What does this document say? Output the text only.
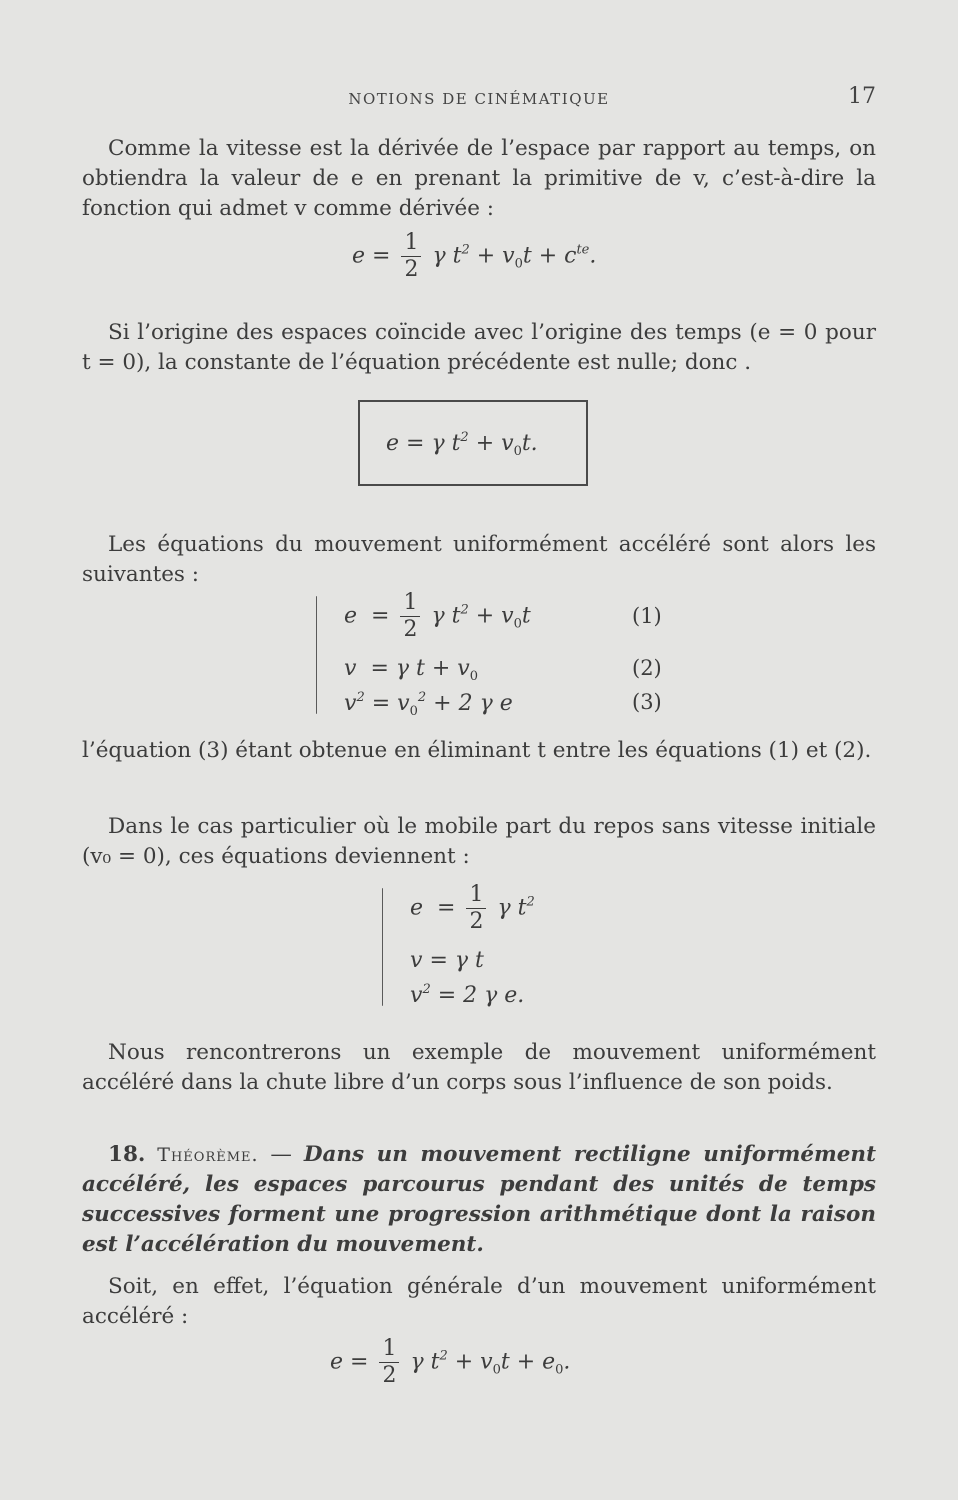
NOTIONS DE CINÉMATIQUE	17
Comme la vitesse est la dérivée de l’espace par rapport au temps, on obtiendra la valeur de e en prenant la primitive de v, c’est-à-dire la fonction qui admet v comme dérivée :
$e = \frac{1}{2}$ γ $t^2 + v_0t + c^{te}$.
Si l’origine des espaces coïncide avec l’origine des temps (e = 0 pour t = 0), la constante de l’équation précédente est nulle; donc .
e = γ $t^2 + v_0t$.
Les équations du mouvement uniformément accéléré sont alors les suivantes :
$e = \frac{1}{2}$ γ $t^2 + v_0t$	(1)
v = γ $t + v_0$	(2)
$v^2 = v_0^2 + 2$ γ e	(3)
l’équation (3) étant obtenue en éliminant t entre les équations (1) et (2).
Dans le cas particulier où le mobile part du repos sans vitesse initiale (v₀ = 0), ces équations deviennent :
$e = \frac{1}{2}$ γ $t^2$
v = γ t
$v^2 = 2$ γ e.
Nous rencontrerons un exemple de mouvement uniformément accéléré dans la chute libre d’un corps sous l’influence de son poids.
18. Théorème. — Dans un mouvement rectiligne uniformément accéléré, les espaces parcourus pendant des unités de temps successives forment une progression arithmétique dont la raison est l’accélération du mouvement.
Soit, en effet, l’équation générale d’un mouvement uniformément accéléré :
$e = \frac{1}{2}$ γ $t^2 + v_0t + e_0$.
